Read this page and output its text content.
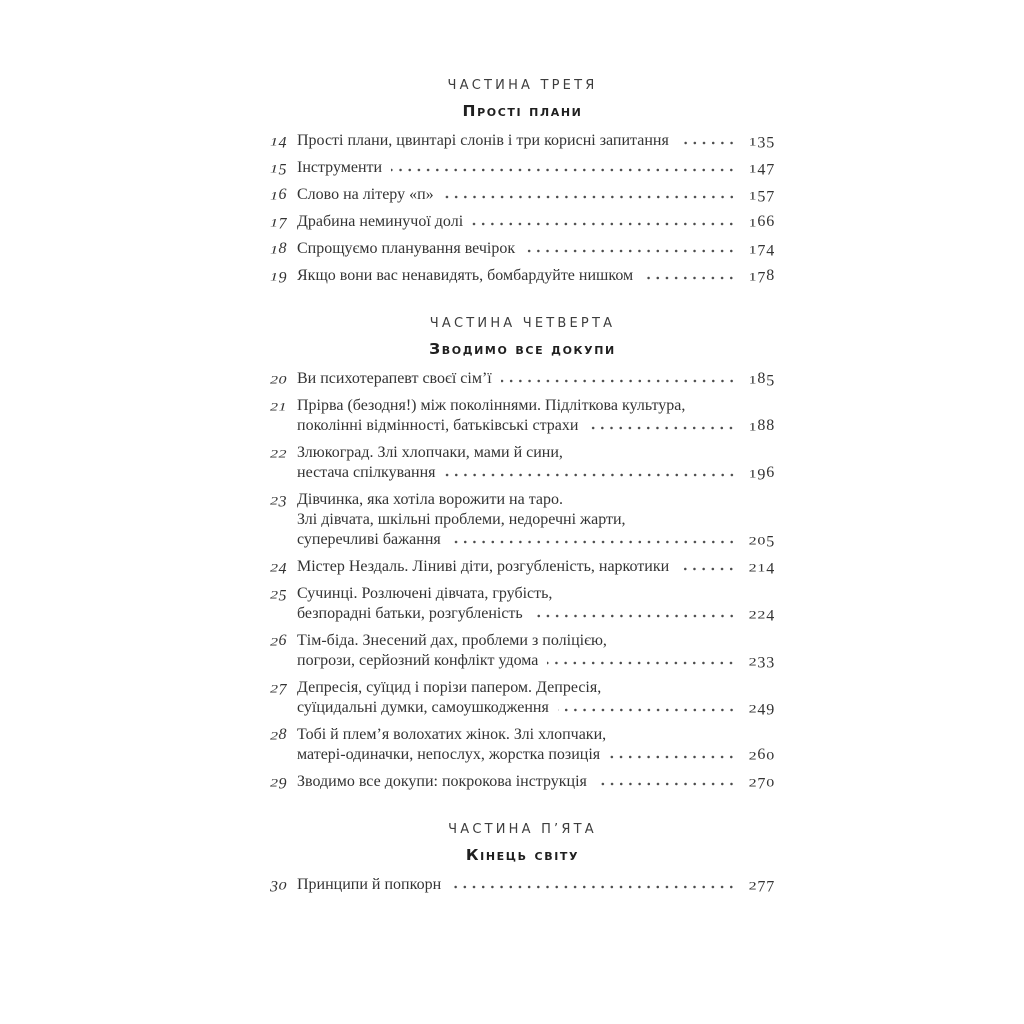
ЧАСТИНА ТРЕТЯ
Прості плани
14 Прості плани, цвинтарі слонів і три корисні запитання	135
15 Інструменти	147
16 Слово на літеру «п»	157
17 Драбина неминучої долі	166
18 Спрощуємо планування вечірок	174
19 Якщо вони вас ненавидять, бомбардуйте нишком	178
ЧАСТИНА ЧЕТВЕРТА
Зводимо все докупи
20 Ви психотерапевт своєї сім’ї	185
21 Прірва (безодня!) між поколіннями. Підліткова культура,
поколінні відмінності, батьківські страхи	188
22 Злюкоград. Злі хлопчаки, мами й сини,
нестача спілкування	196
23 Дівчинка, яка хотіла ворожити на таро.
Злі дівчата, шкільні проблеми, недоречні жарти,
суперечливі бажання	205
24 Містер Нездаль. Ліниві діти, розгубленість, наркотики	214
25 Сучинці. Розлючені дівчата, грубість,
безпорадні батьки, розгубленість	224
26 Тім-біда. Знесений дах, проблеми з поліцією,
погрози, серйозний конфлікт удома	233
27 Депресія, суїцид і порізи папером. Депресія,
суїцидальні думки, самоушкодження	249
28 Тобі й плем’я волохатих жінок. Злі хлопчаки,
матері-одиначки, непослух, жорстка позиція	260
29 Зводимо все докупи: покрокова інструкція	270
ЧАСТИНА П’ЯТА
Кінець світу
30 Принципи й попкорн	277
